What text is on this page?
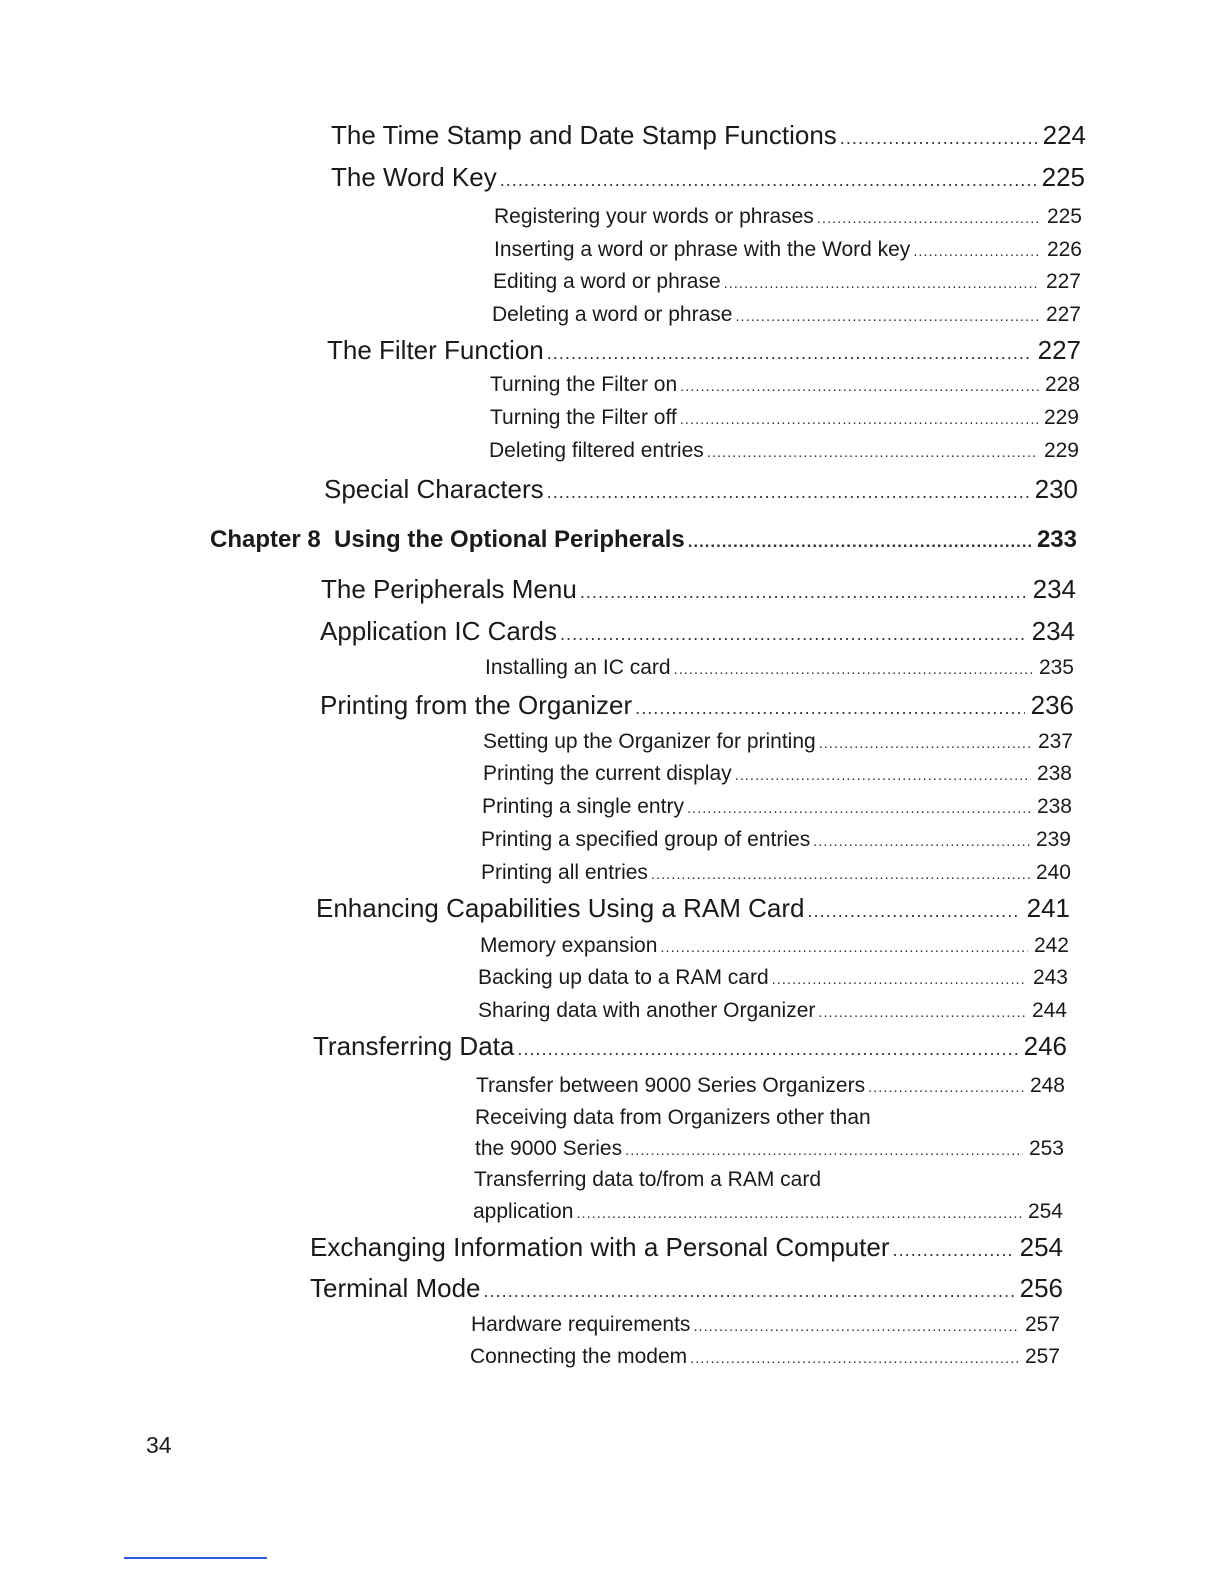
The Time Stamp and Date Stamp Functions .....	224
The Word Key .....	225
Registering your words or phrases .....	225
Inserting a word or phrase with the Word key .....	226
Editing a word or phrase .....	227
Deleting a word or phrase .....	227
The Filter Function .....	227
Turning the Filter on .....	228
Turning the Filter off .....	229
Deleting filtered entries .....	229
Special Characters .....	230
Chapter 8  Using the Optional Peripherals .....	233
The Peripherals Menu .....	234
Application IC Cards .....	234
Installing an IC card .....	235
Printing from the Organizer .....	236
Setting up the Organizer for printing .....	237
Printing the current display .....	238
Printing a single entry .....	238
Printing a specified group of entries .....	239
Printing all entries .....	240
Enhancing Capabilities Using a RAM Card .....	241
Memory expansion .....	242
Backing up data to a RAM card .....	243
Sharing data with another Organizer .....	244
Transferring Data .....	246
Transfer between 9000 Series Organizers .....	248
Receiving data from Organizers other than
the 9000 Series .....	253
Transferring data to/from a RAM card
application .....	254
Exchanging Information with a Personal Computer .....	254
Terminal Mode .....	256
Hardware requirements .....	257
Connecting the modem .....	257
34
